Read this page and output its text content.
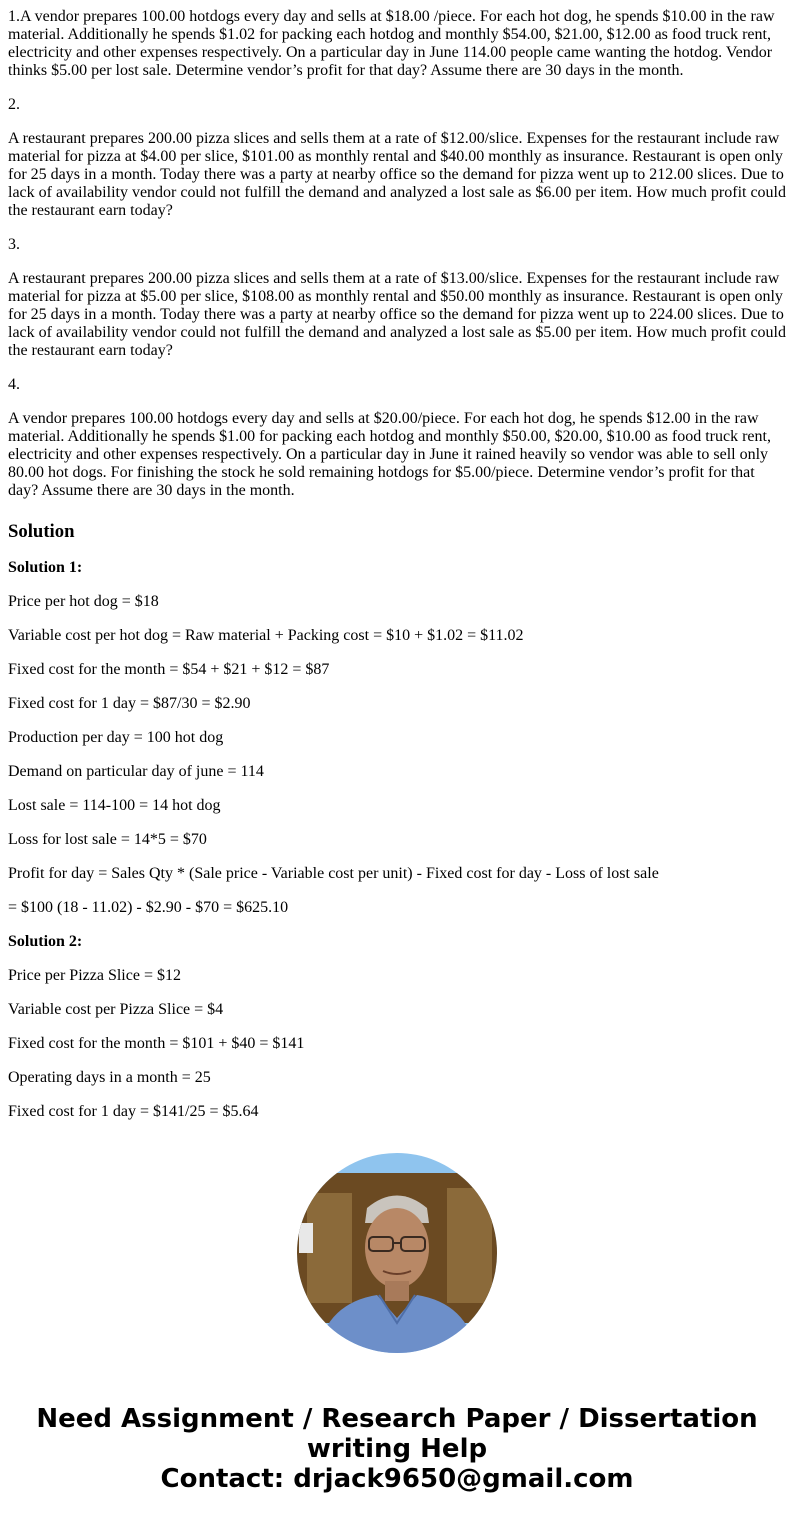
1.A vendor prepares 100.00 hotdogs every day and sells at $18.00 /piece. For each hot dog, he spends $10.00 in the raw material. Additionally he spends $1.02 for packing each hotdog and monthly $54.00, $21.00, $12.00 as food truck rent, electricity and other expenses respectively. On a particular day in June 114.00 people came wanting the hotdog. Vendor thinks $5.00 per lost sale. Determine vendor’s profit for that day? Assume there are 30 days in the month.

2.

A restaurant prepares 200.00 pizza slices and sells them at a rate of $12.00/slice. Expenses for the restaurant include raw material for pizza at $4.00 per slice, $101.00 as monthly rental and $40.00 monthly as insurance. Restaurant is open only for 25 days in a month. Today there was a party at nearby office so the demand for pizza went up to 212.00 slices. Due to lack of availability vendor could not fulfill the demand and analyzed a lost sale as $6.00 per item. How much profit could the restaurant earn today?

3.

A restaurant prepares 200.00 pizza slices and sells them at a rate of $13.00/slice. Expenses for the restaurant include raw material for pizza at $5.00 per slice, $108.00 as monthly rental and $50.00 monthly as insurance. Restaurant is open only for 25 days in a month. Today there was a party at nearby office so the demand for pizza went up to 224.00 slices. Due to lack of availability vendor could not fulfill the demand and analyzed a lost sale as $5.00 per item. How much profit could the restaurant earn today?

4.

A vendor prepares 100.00 hotdogs every day and sells at $20.00/piece. For each hot dog, he spends $12.00 in the raw material. Additionally he spends $1.00 for packing each hotdog and monthly $50.00, $20.00, $10.00 as food truck rent, electricity and other expenses respectively. On a particular day in June it rained heavily so vendor was able to sell only 80.00 hot dogs. For finishing the stock he sold remaining hotdogs for $5.00/piece. Determine vendor’s profit for that day? Assume there are 30 days in the month.

Solution

Solution 1:

Price per hot dog = $18

Variable cost per hot dog = Raw material + Packing cost = $10 + $1.02 = $11.02

Fixed cost for the month = $54 + $21 + $12 = $87

Fixed cost for 1 day = $87/30 = $2.90

Production per day = 100 hot dog

Demand on particular day of june = 114

Lost sale = 114-100 = 14 hot dog

Loss for lost sale = 14*5 = $70

Profit for day = Sales Qty * (Sale price - Variable cost per unit) - Fixed cost for day - Loss of lost sale

= $100 (18 - 11.02) - $2.90 - $70 = $625.10

Solution 2:

Price per Pizza Slice = $12

Variable cost per Pizza Slice = $4

Fixed cost for the month = $101 + $40 = $141

Operating days in a month = 25

Fixed cost for 1 day = $141/25 = $5.64

Need Assignment / Research Paper / Dissertation
writing Help
Contact: drjack9650@gmail.com
